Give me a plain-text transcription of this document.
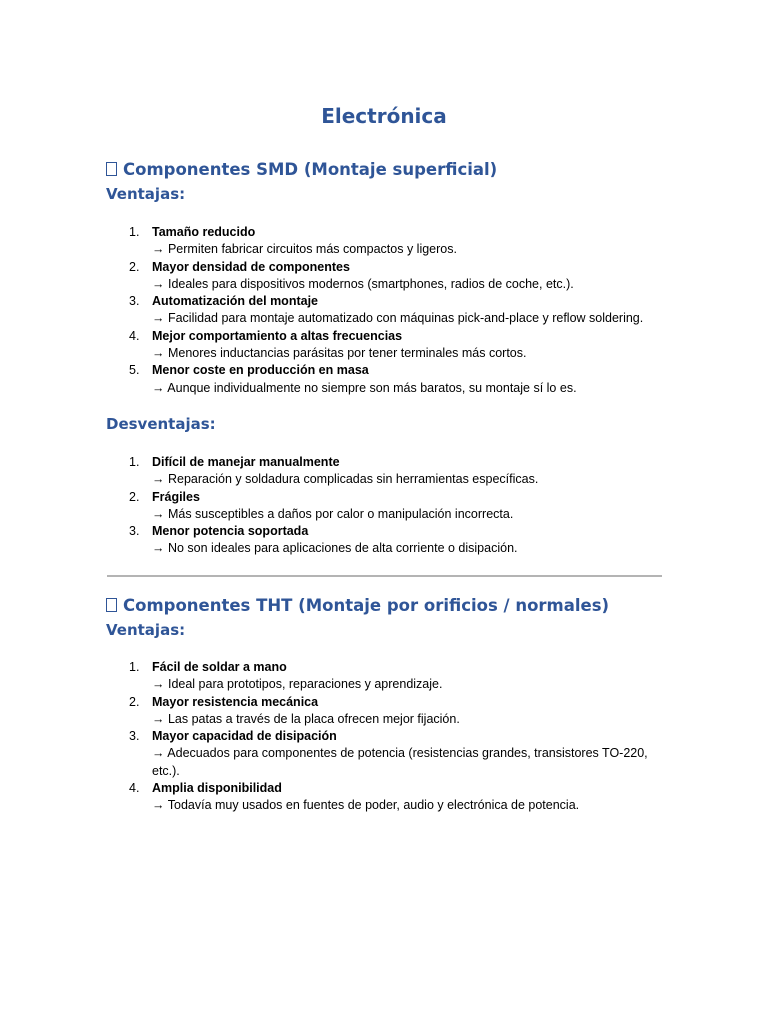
Electrónica
Componentes SMD (Montaje superficial)
Ventajas:
1. Tamaño reducido
→ Permiten fabricar circuitos más compactos y ligeros.
2. Mayor densidad de componentes
→ Ideales para dispositivos modernos (smartphones, radios de coche, etc.).
3. Automatización del montaje
→ Facilidad para montaje automatizado con máquinas pick-and-place y reflow soldering.
4. Mejor comportamiento a altas frecuencias
→ Menores inductancias parásitas por tener terminales más cortos.
5. Menor coste en producción en masa
→ Aunque individualmente no siempre son más baratos, su montaje sí lo es.
Desventajas:
1. Difícil de manejar manualmente
→ Reparación y soldadura complicadas sin herramientas específicas.
2. Frágiles
→ Más susceptibles a daños por calor o manipulación incorrecta.
3. Menor potencia soportada
→ No son ideales para aplicaciones de alta corriente o disipación.
Componentes THT (Montaje por orificios / normales)
Ventajas:
1. Fácil de soldar a mano
→ Ideal para prototipos, reparaciones y aprendizaje.
2. Mayor resistencia mecánica
→ Las patas a través de la placa ofrecen mejor fijación.
3. Mayor capacidad de disipación
→ Adecuados para componentes de potencia (resistencias grandes, transistores TO-220, etc.).
4. Amplia disponibilidad
→ Todavía muy usados en fuentes de poder, audio y electrónica de potencia.
